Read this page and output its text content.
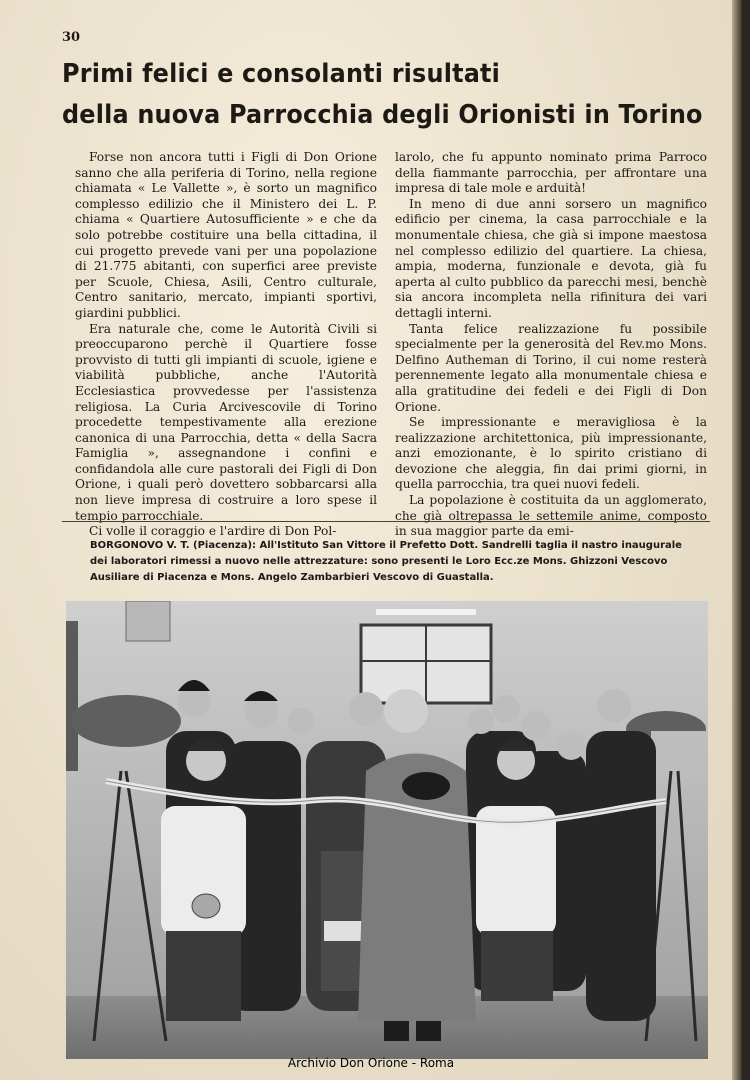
30
Primi felici e consolanti risultati
della nuova Parrocchia degli Orionisti in Torino

Forse non ancora tutti i Figli di Don Orione sanno che alla periferia di Torino, nella regione chiamata « Le Vallette », è sorto un magnifico complesso edilizio che il Ministero dei L. P. chiama « Quartiere Autosufficiente » e che da solo potrebbe costituire una bella cittadina, il cui progetto prevede vani per una popolazione di 21.775 abitanti, con superfici aree previste per Scuole, Chiesa, Asili, Centro culturale, Centro sanitario, mercato, impianti sportivi, giardini pubblici.

Era naturale che, come le Autorità Civili si preoccuparono perchè il Quartiere fosse provvisto di tutti gli impianti di scuole, igiene e viabilità pubbliche, anche l'Autorità Ecclesiastica provvedesse per l'assistenza religiosa. La Curia Arcivescovile di Torino procedette tempestivamente alla erezione canonica di una Parrocchia, detta « della Sacra Famiglia », assegnandone i confini e confidandola alle cure pastorali dei Figli di Don Orione, i quali però dovettero sobbarcarsi alla non lieve impresa di costruire a loro spese il tempio parrocchiale.

Ci volle il coraggio e l'ardire di Don Pol-

larolo, che fu appunto nominato prima Parroco della fiammante parrocchia, per affrontare una impresa di tale mole e arduità!

In meno di due anni sorsero un magnifico edificio per cinema, la casa parrocchiale e la monumentale chiesa, che già si impone maestosa nel complesso edilizio del quartiere. La chiesa, ampia, moderna, funzionale e devota, già fu aperta al culto pubblico da parecchi mesi, benchè sia ancora incompleta nella rifinitura dei vari dettagli interni.

Tanta felice realizzazione fu possibile specialmente per la generosità del Rev.mo Mons. Delfino Autheman di Torino, il cui nome resterà perennemente legato alla monumentale chiesa e alla gratitudine dei fedeli e dei Figli di Don Orione.

Se impressionante e meravigliosa è la realizzazione architettonica, più impressionante, anzi emozionante, è lo spirito cristiano di devozione che aleggia, fin dai primi giorni, in quella parrocchia, tra quei nuovi fedeli.

La popolazione è costituita da un agglomerato, che già oltrepassa le settemile anime, composto in sua maggior parte da emi-

BORGONOVO V. T. (Piacenza): All'Istituto San Vittore il Prefetto Dott. Sandrelli taglia il nastro inaugurale dei laboratori rimessi a nuovo nelle attrezzature: sono presenti le Loro Ecc.ze Mons. Ghizzoni Vescovo Ausiliare di Piacenza e Mons. Angelo Zambarbieri Vescovo di Guastalla.
Archivio Don Orione - Roma
